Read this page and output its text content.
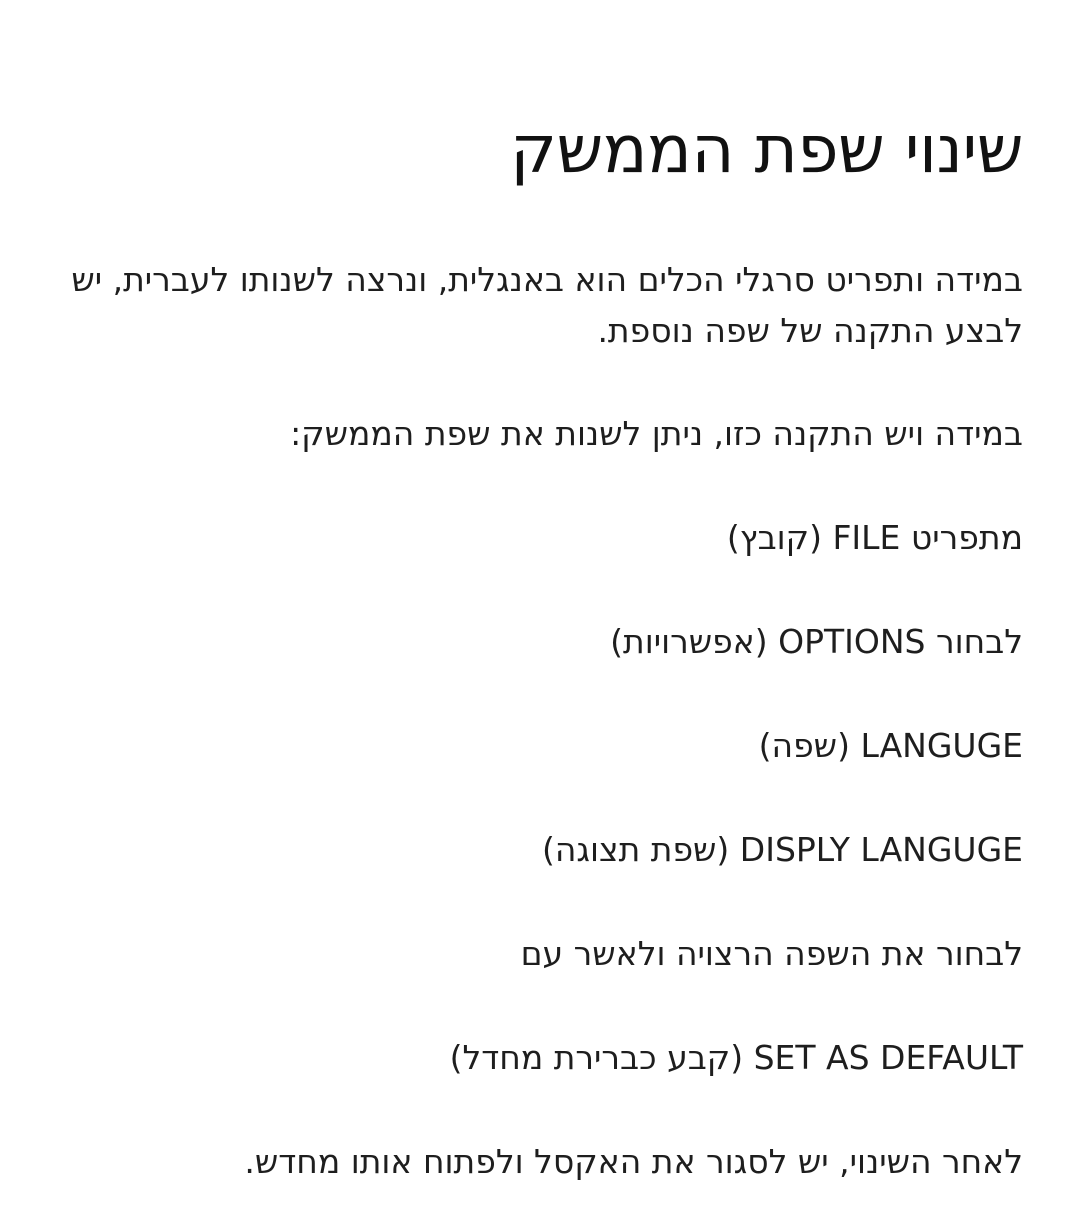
שינוי שפת הממשק

במידה ותפריט סרגלי הכלים הוא באנגלית, ונרצה לשנותו לעברית, יש לבצע התקנה של שפה נוספת.

במידה ויש התקנה כזו, ניתן לשנות את שפת הממשק:

מתפריט FILE (קובץ)

לבחור OPTIONS (אפשרויות)

LANGUGE (שפה)

DISPLY LANGUGE (שפת תצוגה)

לבחור את השפה הרצויה ולאשר עם

SET AS DEFAULT (קבע כברירת מחדל)

לאחר השינוי, יש לסגור את האקסל ולפתוח אותו מחדש.
